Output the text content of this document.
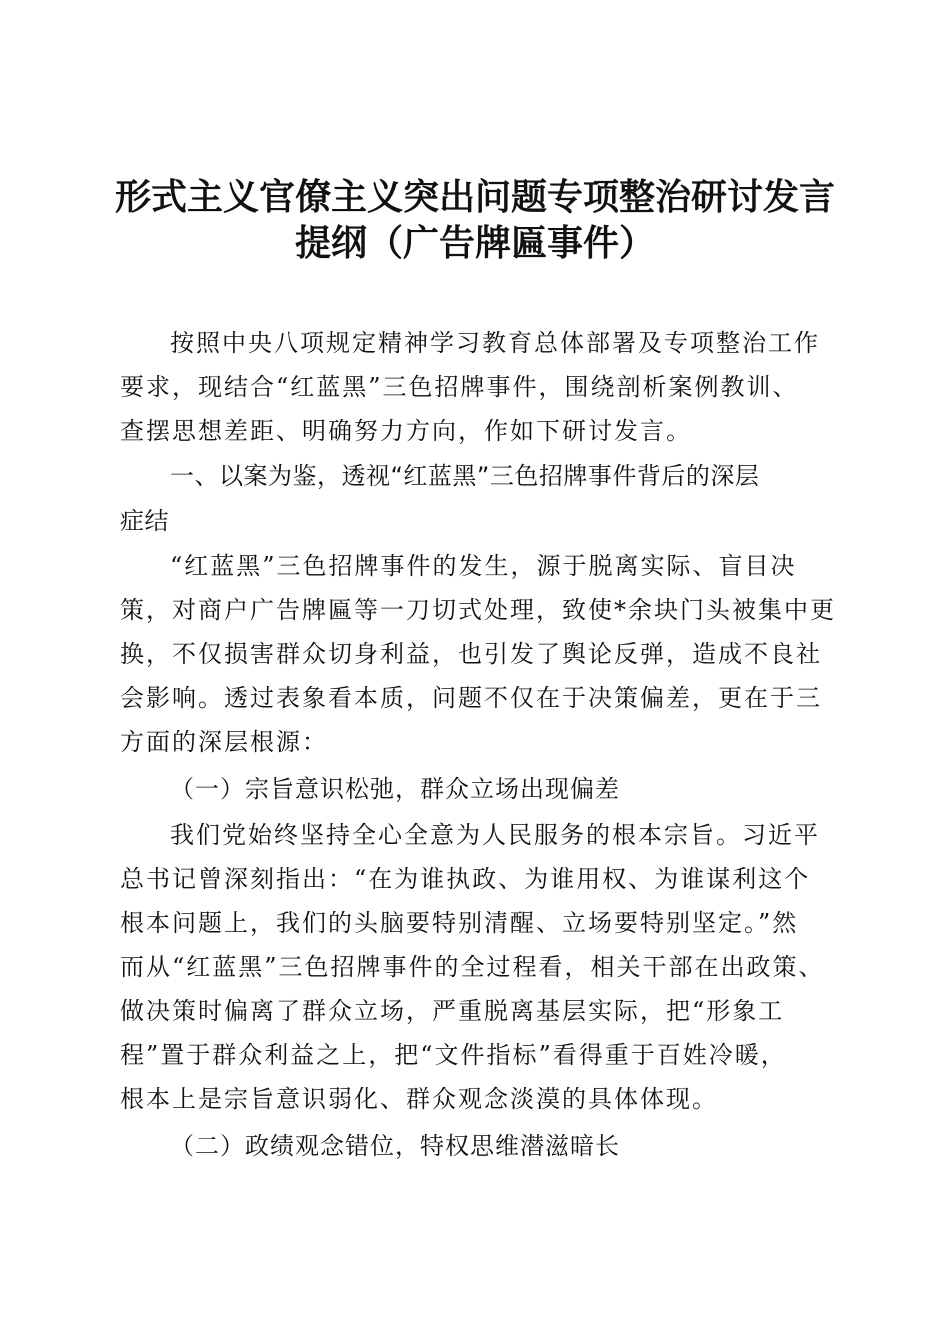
形式主义官僚主义突出问题专项整治研讨发言
提纲（广告牌匾事件）
按照中央八项规定精神学习教育总体部署及专项整治工作
要求，现结合“红蓝黑”三色招牌事件，围绕剖析案例教训、
查摆思想差距、明确努力方向，作如下研讨发言。
一、以案为鉴，透视“红蓝黑”三色招牌事件背后的深层
症结
“红蓝黑”三色招牌事件的发生，源于脱离实际、盲目决
策，对商户广告牌匾等一刀切式处理，致使*余块门头被集中更
换，不仅损害群众切身利益，也引发了舆论反弹，造成不良社
会影响。透过表象看本质，问题不仅在于决策偏差，更在于三
方面的深层根源：
（一）宗旨意识松弛，群众立场出现偏差
我们党始终坚持全心全意为人民服务的根本宗旨。习近平
总书记曾深刻指出：“在为谁执政、为谁用权、为谁谋利这个
根本问题上，我们的头脑要特别清醒、立场要特别坚定。”然
而从“红蓝黑”三色招牌事件的全过程看，相关干部在出政策、
做决策时偏离了群众立场，严重脱离基层实际，把“形象工
程”置于群众利益之上，把“文件指标”看得重于百姓冷暖，
根本上是宗旨意识弱化、群众观念淡漠的具体体现。
（二）政绩观念错位，特权思维潜滋暗长
